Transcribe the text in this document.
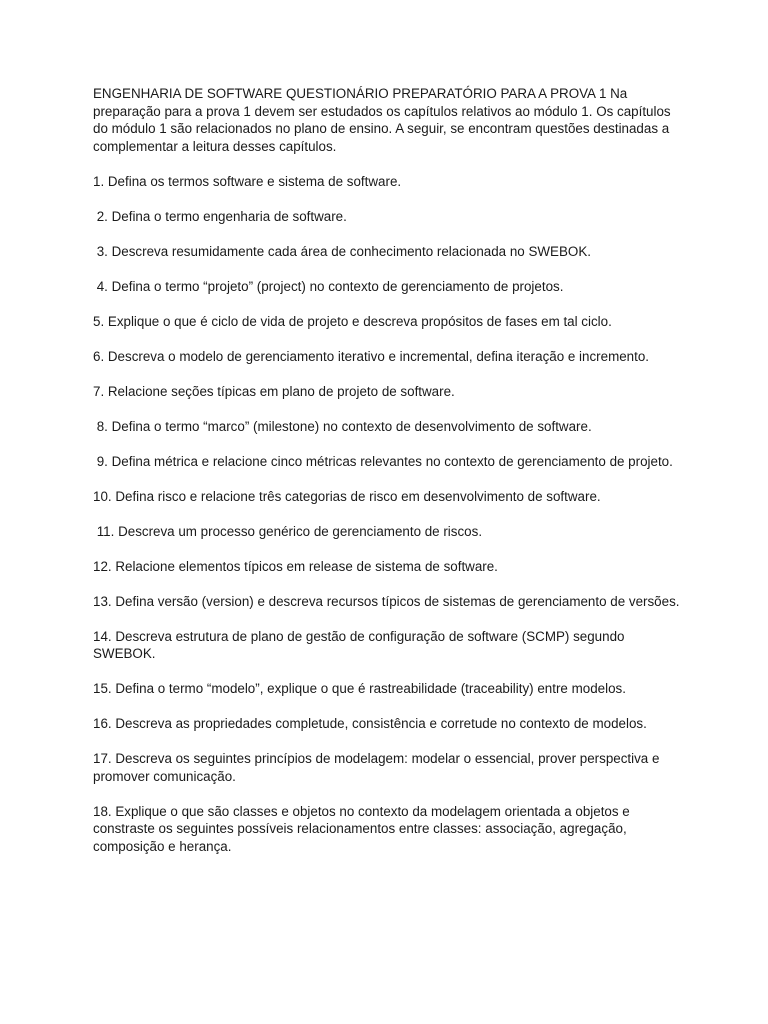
ENGENHARIA DE SOFTWARE QUESTIONÁRIO PREPARATÓRIO PARA A PROVA 1 Na preparação para a prova 1 devem ser estudados os capítulos relativos ao módulo 1. Os capítulos do módulo 1 são relacionados no plano de ensino. A seguir, se encontram questões destinadas a complementar a leitura desses capítulos.

1. Defina os termos software e sistema de software.

2. Defina o termo engenharia de software.

3. Descreva resumidamente cada área de conhecimento relacionada no SWEBOK.

4. Defina o termo “projeto” (project) no contexto de gerenciamento de projetos.

5. Explique o que é ciclo de vida de projeto e descreva propósitos de fases em tal ciclo.

6. Descreva o modelo de gerenciamento iterativo e incremental, defina iteração e incremento.

7. Relacione seções típicas em plano de projeto de software.

8. Defina o termo “marco” (milestone) no contexto de desenvolvimento de software.

9. Defina métrica e relacione cinco métricas relevantes no contexto de gerenciamento de projeto.

10. Defina risco e relacione três categorias de risco em desenvolvimento de software.

11. Descreva um processo genérico de gerenciamento de riscos.

12. Relacione elementos típicos em release de sistema de software.

13. Defina versão (version) e descreva recursos típicos de sistemas de gerenciamento de versões.

14. Descreva estrutura de plano de gestão de configuração de software (SCMP) segundo SWEBOK.

15. Defina o termo “modelo”, explique o que é rastreabilidade (traceability) entre modelos.

16. Descreva as propriedades completude, consistência e corretude no contexto de modelos.

17. Descreva os seguintes princípios de modelagem: modelar o essencial, prover perspectiva e promover comunicação.

18. Explique o que são classes e objetos no contexto da modelagem orientada a objetos e constraste os seguintes possíveis relacionamentos entre classes: associação, agregação, composição e herança.
